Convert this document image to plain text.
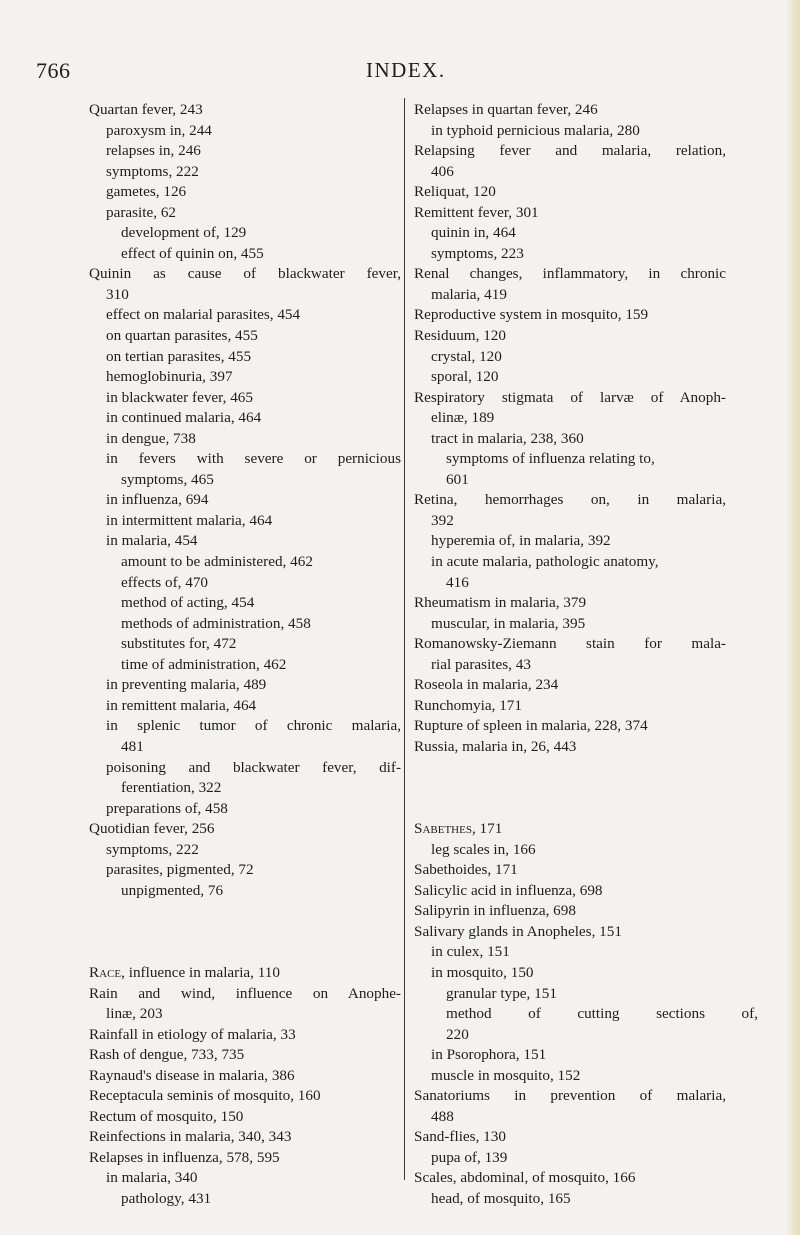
766	INDEX.
Quartan fever, 243
paroxysm in, 244
relapses in, 246
symptoms, 222
gametes, 126
parasite, 62
development of, 129
effect of quinin on, 455
Quinin as cause of blackwater fever,
310
effect on malarial parasites, 454
on quartan parasites, 455
on tertian parasites, 455
hemoglobinuria, 397
in blackwater fever, 465
in continued malaria, 464
in dengue, 738
in fevers with severe or pernicious
symptoms, 465
in influenza, 694
in intermittent malaria, 464
in malaria, 454
amount to be administered, 462
effects of, 470
method of acting, 454
methods of administration, 458
substitutes for, 472
time of administration, 462
in preventing malaria, 489
in remittent malaria, 464
in splenic tumor of chronic malaria,
481
poisoning and blackwater fever, dif-
ferentiation, 322
preparations of, 458
Quotidian fever, 256
symptoms, 222
parasites, pigmented, 72
unpigmented, 76
Race, influence in malaria, 110
Rain and wind, influence on Anophe-
linæ, 203
Rainfall in etiology of malaria, 33
Rash of dengue, 733, 735
Raynaud's disease in malaria, 386
Receptacula seminis of mosquito, 160
Rectum of mosquito, 150
Reinfections in malaria, 340, 343
Relapses in influenza, 578, 595
in malaria, 340
pathology, 431
Relapses in quartan fever, 246
in typhoid pernicious malaria, 280
Relapsing fever and malaria, relation,
406
Reliquat, 120
Remittent fever, 301
quinin in, 464
symptoms, 223
Renal changes, inflammatory, in chronic
malaria, 419
Reproductive system in mosquito, 159
Residuum, 120
crystal, 120
sporal, 120
Respiratory stigmata of larvæ of Anoph-
elinæ, 189
tract in malaria, 238, 360
symptoms of influenza relating to,
601
Retina, hemorrhages on, in malaria,
392
hyperemia of, in malaria, 392
in acute malaria, pathologic anatomy,
416
Rheumatism in malaria, 379
muscular, in malaria, 395
Romanowsky-Ziemann stain for mala-
rial parasites, 43
Roseola in malaria, 234
Runchomyia, 171
Rupture of spleen in malaria, 228, 374
Russia, malaria in, 26, 443
Sabethes, 171
leg scales in, 166
Sabethoides, 171
Salicylic acid in influenza, 698
Salipyrin in influenza, 698
Salivary glands in Anopheles, 151
in culex, 151
in mosquito, 150
granular type, 151
method of cutting sections of,
220
in Psorophora, 151
muscle in mosquito, 152
Sanatoriums in prevention of malaria,
488
Sand-flies, 130
pupa of, 139
Scales, abdominal, of mosquito, 166
head, of mosquito, 165
